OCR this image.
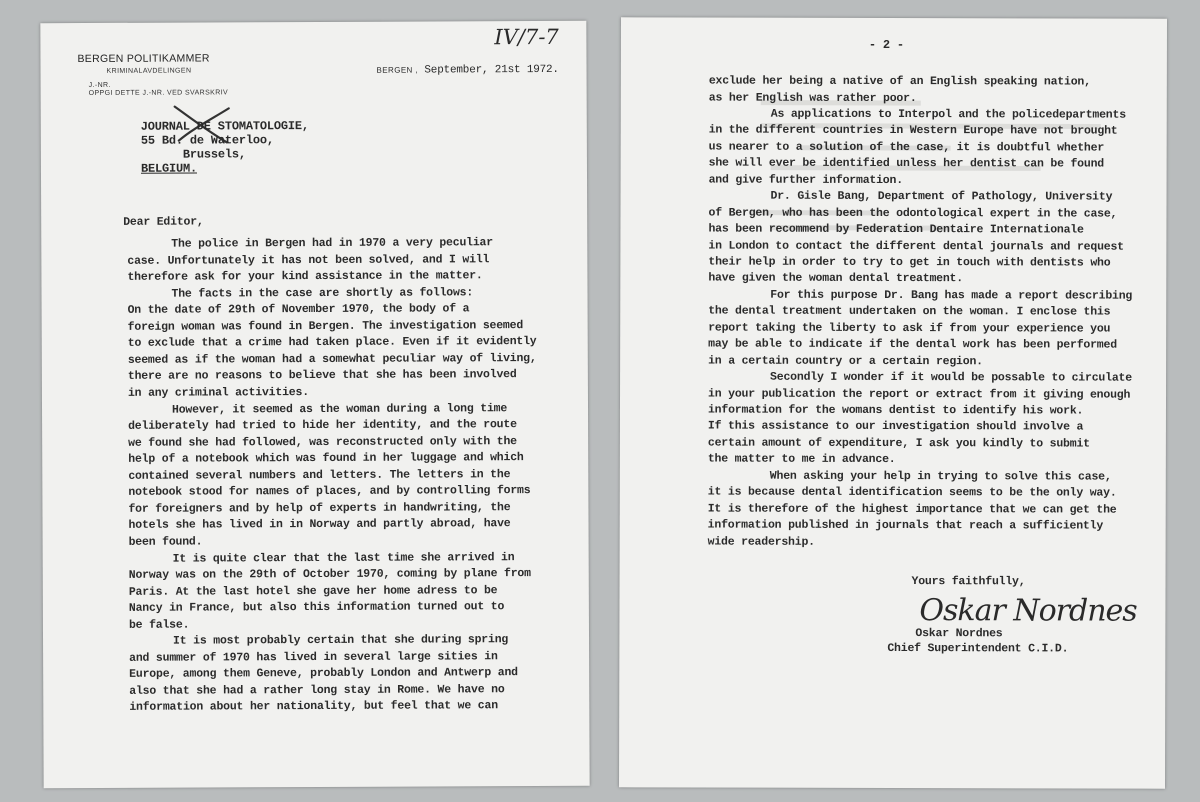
BERGEN POLITIKAMMER
KRIMINALAVDELINGEN
J.-NR.
OPPGI DETTE J.-NR. VED SVARSKRIV
BERGEN , September, 21st 1972.
IV/7-7
JOURNAL DE STOMATOLOGIE,
55 Bd. de Waterloo,
Brussels,
BELGIUM.
Dear Editor,
The police in Bergen had in 1970 a very peculiar
case. Unfortunately it has not been solved, and I will
therefore ask for your kind assistance in the matter.
The facts in the case are shortly as follows:
On the date of 29th of November 1970, the body of a
foreign woman was found in Bergen. The investigation seemed
to exclude that a crime had taken place. Even if it evidently
seemed as if the woman had a somewhat peculiar way of living,
there are no reasons to believe that she has been involved
in any criminal activities.
However, it seemed as the woman during a long time
deliberately had tried to hide her identity, and the route
we found she had followed, was reconstructed only with the
help of a notebook which was found in her luggage and which
contained several numbers and letters. The letters in the
notebook stood for names of places, and by controlling forms
for foreigners and by help of experts in handwriting, the
hotels she has lived in in Norway and partly abroad, have
been found.
It is quite clear that the last time she arrived in
Norway was on the 29th of October 1970, coming by plane from
Paris. At the last hotel she gave her home adress to be
Nancy in France, but also this information turned out to
be false.
It is most probably certain that she during spring
and summer of 1970 has lived in several large sities in
Europe, among them Geneve, probably London and Antwerp and
also that she had a rather long stay in Rome. We have no
information about her nationality, but feel that we can
- 2 -
exclude her being a native of an English speaking nation,
as her English was rather poor.
As applications to Interpol and the policedepartments
in the different countries in Western Europe have not brought
us nearer to a solution of the case, it is doubtful whether
she will ever be identified unless her dentist can be found
and give further information.
Dr. Gisle Bang, Department of Pathology, University
of Bergen, who has been the odontological expert in the case,
has been recommend by Federation Dentaire Internationale
in London to contact the different dental journals and request
their help in order to try to get in touch with dentists who
have given the woman dental treatment.
For this purpose Dr. Bang has made a report describing
the dental treatment undertaken on the woman. I enclose this
report taking the liberty to ask if from your experience you
may be able to indicate if the dental work has been performed
in a certain country or a certain region.
Secondly I wonder if it would be possable to circulate
in your publication the report or extract from it giving enough
information for the womans dentist to identify his work.
If this assistance to our investigation should involve a
certain amount of expenditure, I ask you kindly to submit
the matter to me in advance.
When asking your help in trying to solve this case,
it is because dental identification seems to be the only way.
It is therefore of the highest importance that we can get the
information published in journals that reach a sufficiently
wide readership.
Yours faithfully,
Oskar Nordnes
Oskar Nordnes
Chief Superintendent C.I.D.
